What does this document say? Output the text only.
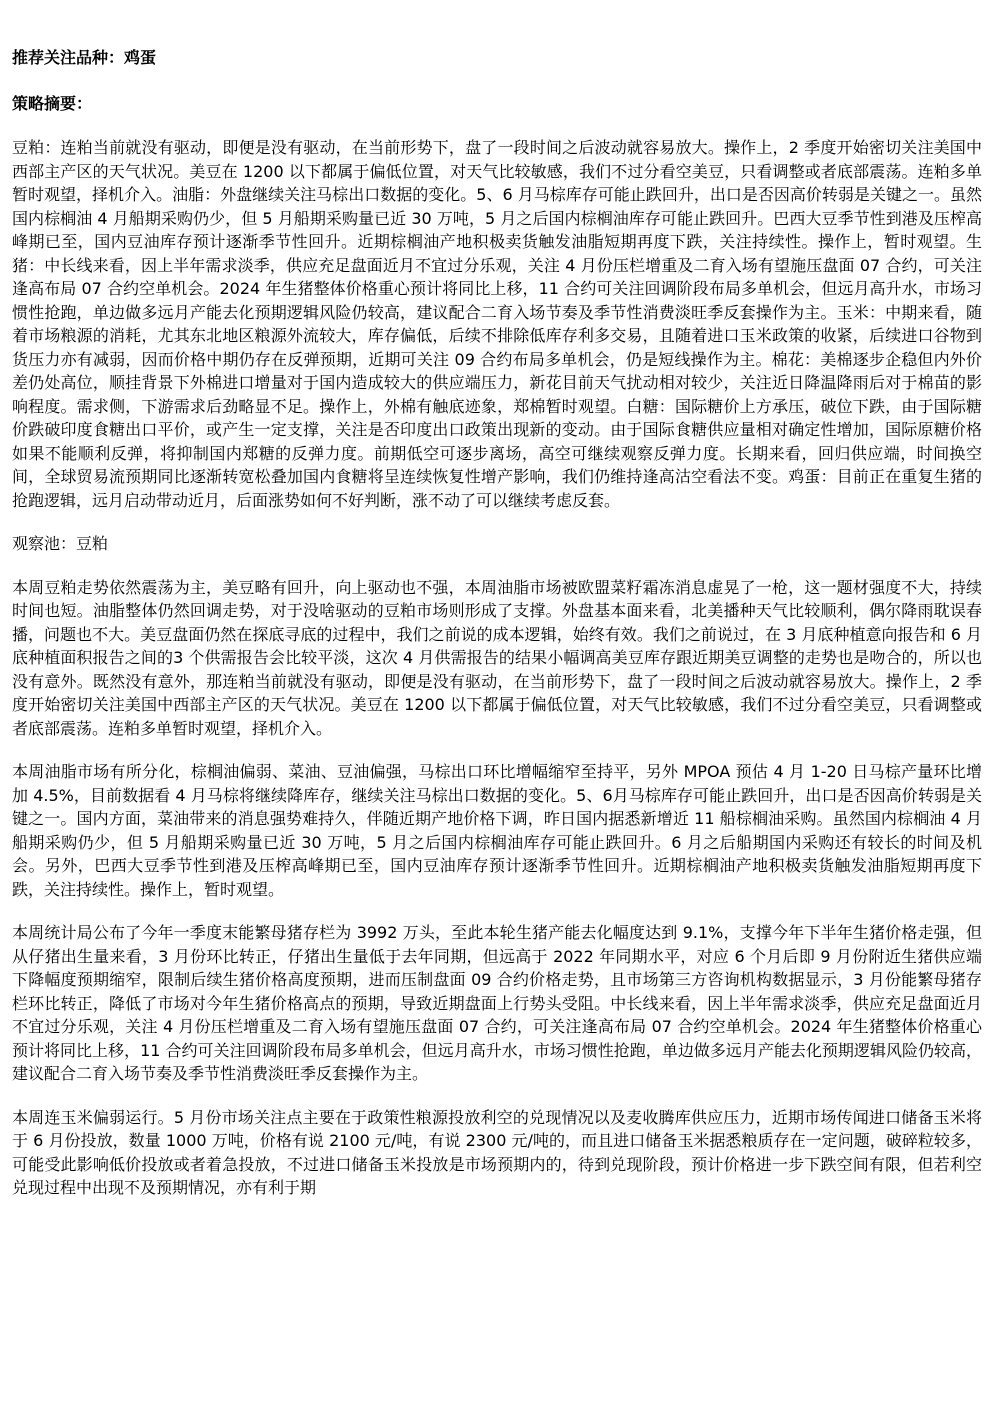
推荐关注品种：鸡蛋

策略摘要：

豆粕：连粕当前就没有驱动，即便是没有驱动，在当前形势下，盘了一段时间之后波动就容易放大。操作上，2 季度开始密切关注美国中西部主产区的天气状况。美豆在 1200 以下都属于偏低位置，对天气比较敏感，我们不过分看空美豆，只看调整或者底部震荡。连粕多单暂时观望，择机介入。油脂：外盘继续关注马棕出口数据的变化。5、6 月马棕库存可能止跌回升，出口是否因高价转弱是关键之一。虽然国内棕榈油 4 月船期采购仍少，但 5 月船期采购量已近 30 万吨，5 月之后国内棕榈油库存可能止跌回升。巴西大豆季节性到港及压榨高峰期已至，国内豆油库存预计逐渐季节性回升。近期棕榈油产地积极卖货触发油脂短期再度下跌，关注持续性。操作上，暂时观望。生猪：中长线来看，因上半年需求淡季，供应充足盘面近月不宜过分乐观，关注 4 月份压栏增重及二育入场有望施压盘面 07 合约，可关注逢高布局 07 合约空单机会。2024 年生猪整体价格重心预计将同比上移，11 合约可关注回调阶段布局多单机会，但远月高升水，市场习惯性抢跑，单边做多远月产能去化预期逻辑风险仍较高，建议配合二育入场节奏及季节性消费淡旺季反套操作为主。玉米：中期来看，随着市场粮源的消耗，尤其东北地区粮源外流较大，库存偏低，后续不排除低库存利多交易，且随着进口玉米政策的收紧，后续进口谷物到货压力亦有减弱，因而价格中期仍存在反弹预期，近期可关注 09 合约布局多单机会，仍是短线操作为主。棉花：美棉逐步企稳但内外价差仍处高位，顺挂背景下外棉进口增量对于国内造成较大的供应端压力，新花目前天气扰动相对较少，关注近日降温降雨后对于棉苗的影响程度。需求侧，下游需求后劲略显不足。操作上，外棉有触底迹象，郑棉暂时观望。白糖：国际糖价上方承压，破位下跌，由于国际糖价跌破印度食糖出口平价，或产生一定支撑，关注是否印度出口政策出现新的变动。由于国际食糖供应量相对确定性增加，国际原糖价格如果不能顺利反弹，将抑制国内郑糖的反弹力度。前期低空可逐步离场，高空可继续观察反弹力度。长期来看，回归供应端，时间换空间，全球贸易流预期同比逐渐转宽松叠加国内食糖将呈连续恢复性增产影响，我们仍维持逢高沽空看法不变。鸡蛋：目前正在重复生猪的抢跑逻辑，远月启动带动近月，后面涨势如何不好判断，涨不动了可以继续考虑反套。

观察池：豆粕

本周豆粕走势依然震荡为主，美豆略有回升，向上驱动也不强，本周油脂市场被欧盟菜籽霜冻消息虚晃了一枪，这一题材强度不大，持续时间也短。油脂整体仍然回调走势，对于没啥驱动的豆粕市场则形成了支撑。外盘基本面来看，北美播种天气比较顺利，偶尔降雨耽误春播，问题也不大。美豆盘面仍然在探底寻底的过程中，我们之前说的成本逻辑，始终有效。我们之前说过，在 3 月底种植意向报告和 6 月底种植面积报告之间的3 个供需报告会比较平淡，这次 4 月供需报告的结果小幅调高美豆库存跟近期美豆调整的走势也是吻合的，所以也没有意外。既然没有意外，那连粕当前就没有驱动，即便是没有驱动，在当前形势下，盘了一段时间之后波动就容易放大。操作上，2 季度开始密切关注美国中西部主产区的天气状况。美豆在 1200 以下都属于偏低位置，对天气比较敏感，我们不过分看空美豆，只看调整或者底部震荡。连粕多单暂时观望，择机介入。

本周油脂市场有所分化，棕榈油偏弱、菜油、豆油偏强，马棕出口环比增幅缩窄至持平，另外 MPOA 预估 4 月 1-20 日马棕产量环比增加 4.5%，目前数据看 4 月马棕将继续降库存，继续关注马棕出口数据的变化。5、6月马棕库存可能止跌回升，出口是否因高价转弱是关键之一。国内方面，菜油带来的消息强势难持久，伴随近期产地价格下调，昨日国内据悉新增近 11 船棕榈油采购。虽然国内棕榈油 4 月船期采购仍少，但 5 月船期采购量已近 30 万吨，5 月之后国内棕榈油库存可能止跌回升。6 月之后船期国内采购还有较长的时间及机会。另外，巴西大豆季节性到港及压榨高峰期已至，国内豆油库存预计逐渐季节性回升。近期棕榈油产地积极卖货触发油脂短期再度下跌，关注持续性。操作上，暂时观望。

本周统计局公布了今年一季度末能繁母猪存栏为 3992 万头，至此本轮生猪产能去化幅度达到 9.1%，支撑今年下半年生猪价格走强，但从仔猪出生量来看，3 月份环比转正，仔猪出生量低于去年同期，但远高于 2022 年同期水平，对应 6 个月后即 9 月份附近生猪供应端下降幅度预期缩窄，限制后续生猪价格高度预期，进而压制盘面 09 合约价格走势，且市场第三方咨询机构数据显示，3 月份能繁母猪存栏环比转正，降低了市场对今年生猪价格高点的预期，导致近期盘面上行势头受阻。中长线来看，因上半年需求淡季，供应充足盘面近月不宜过分乐观，关注 4 月份压栏增重及二育入场有望施压盘面 07 合约，可关注逢高布局 07 合约空单机会。2024 年生猪整体价格重心预计将同比上移，11 合约可关注回调阶段布局多单机会，但远月高升水，市场习惯性抢跑，单边做多远月产能去化预期逻辑风险仍较高，建议配合二育入场节奏及季节性消费淡旺季反套操作为主。

本周连玉米偏弱运行。5 月份市场关注点主要在于政策性粮源投放利空的兑现情况以及麦收腾库供应压力，近期市场传闻进口储备玉米将于 6 月份投放，数量 1000 万吨，价格有说 2100 元/吨，有说 2300 元/吨的，而且进口储备玉米据悉粮质存在一定问题，破碎粒较多，可能受此影响低价投放或者着急投放，不过进口储备玉米投放是市场预期内的，待到兑现阶段，预计价格进一步下跌空间有限，但若利空兑现过程中出现不及预期情况，亦有利于期
